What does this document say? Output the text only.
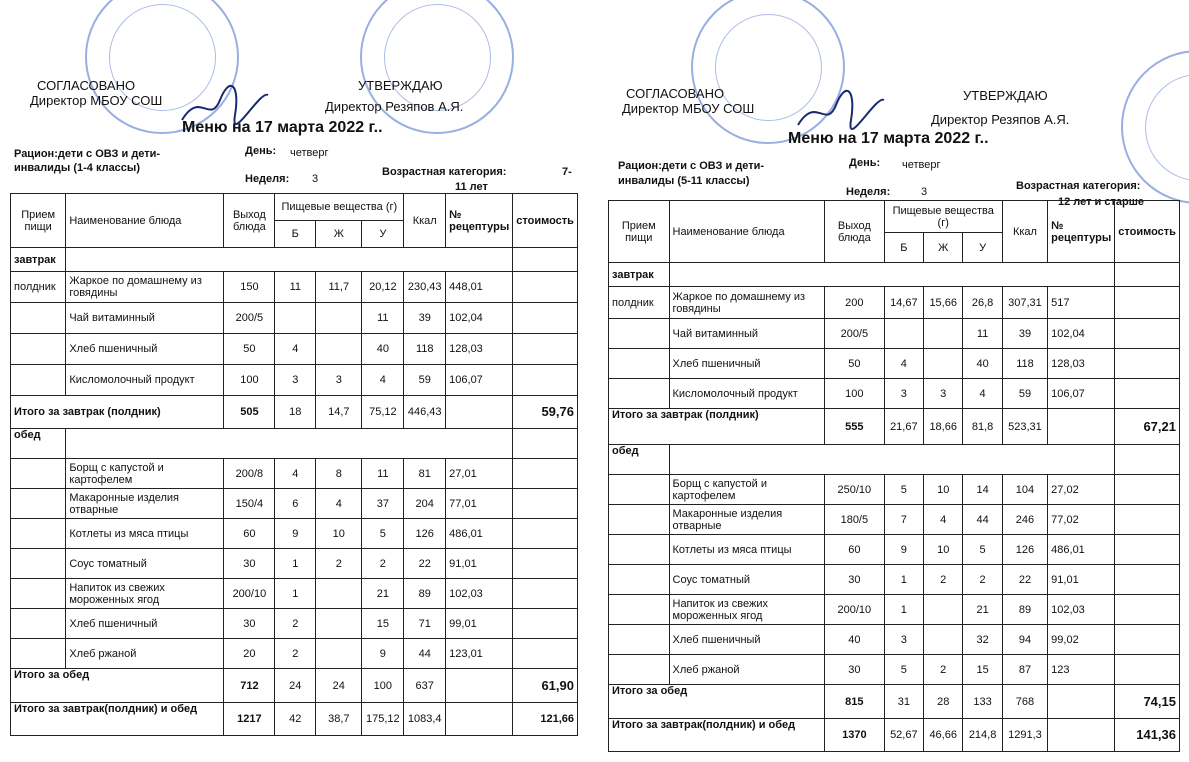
СОГЛАСОВАНО
Директор МБОУ СОШ
УТВЕРЖДАЮ
Директор Резяпов А.Я.
Меню на 17 марта 2022 г..
Рацион:дети с ОВЗ и дети-
инвалиды (1-4 классы)
День: четверг
Неделя: 3
Возрастная категория:	7-
11 лет
Прием пищи	Наименование блюда	Выход блюда	Пищевые вещества (г)			Ккал	№ рецептуры	стоимость
			Б	Ж	У			
завтрак								
полдник	Жаркое по домашнему из говядины	150	11	11,7	20,12	230,43	448,01	
	Чай витаминный	200/5			11	39	102,04	
	Хлеб пшеничный	50	4		40	118	128,03	
	Кисломолочный продукт	100	3	3	4	59	106,07	
Итого за завтрак (полдник)		505	18	14,7	75,12	446,43		59,76
обед								
	Борщ с капустой и картофелем	200/8	4	8	11	81	27,01	
	Макаронные изделия отварные	150/4	6	4	37	204	77,01	
	Котлеты из мяса птицы	60	9	10	5	126	486,01	
	Соус томатный	30	1	2	2	22	91,01	
	Напиток из свежих мороженных ягод	200/10	1		21	89	102,03	
	Хлеб пшеничный	30	2		15	71	99,01	
	Хлеб ржаной	20	2		9	44	123,01	
Итого за обед		712	24	24	100	637		61,90
Итого за завтрак(полдник) и обед		1217	42	38,7	175,12	1083,4		121,66
СОГЛАСОВАНО
Директор МБОУ СОШ
УТВЕРЖДАЮ
Директор Резяпов А.Я.
Меню на 17 марта 2022 г..
Рацион:дети с ОВЗ и дети-
инвалиды (5-11 классы)
День: четверг
Неделя:	3	Возрастная категория:
12 лет и старше
Прием пищи	Наименование блюда	Выход блюда	Пищевые вещества (г)			Ккал	№ рецептуры	стоимость
			Б	Ж	У			
завтрак								
полдник	Жаркое по домашнему из говядины	200	14,67	15,66	26,8	307,31	517	
	Чай витаминный	200/5			11	39	102,04	
	Хлеб пшеничный	50	4		40	118	128,03	
	Кисломолочный продукт	100	3	3	4	59	106,07	
Итого за завтрак (полдник)		555	21,67	18,66	81,8	523,31		67,21
обед								
	Борщ с капустой и картофелем	250/10	5	10	14	104	27,02	
	Макаронные изделия отварные	180/5	7	4	44	246	77,02	
	Котлеты из мяса птицы	60	9	10	5	126	486,01	
	Соус томатный	30	1	2	2	22	91,01	
	Напиток из свежих мороженных ягод	200/10	1		21	89	102,03	
	Хлеб пшеничный	40	3		32	94	99,02	
	Хлеб ржаной	30	5	2	15	87	123	
Итого за обед		815	31	28	133	768		74,15
Итого за завтрак(полдник) и обед		1370	52,67	46,66	214,8	1291,3		141,36
